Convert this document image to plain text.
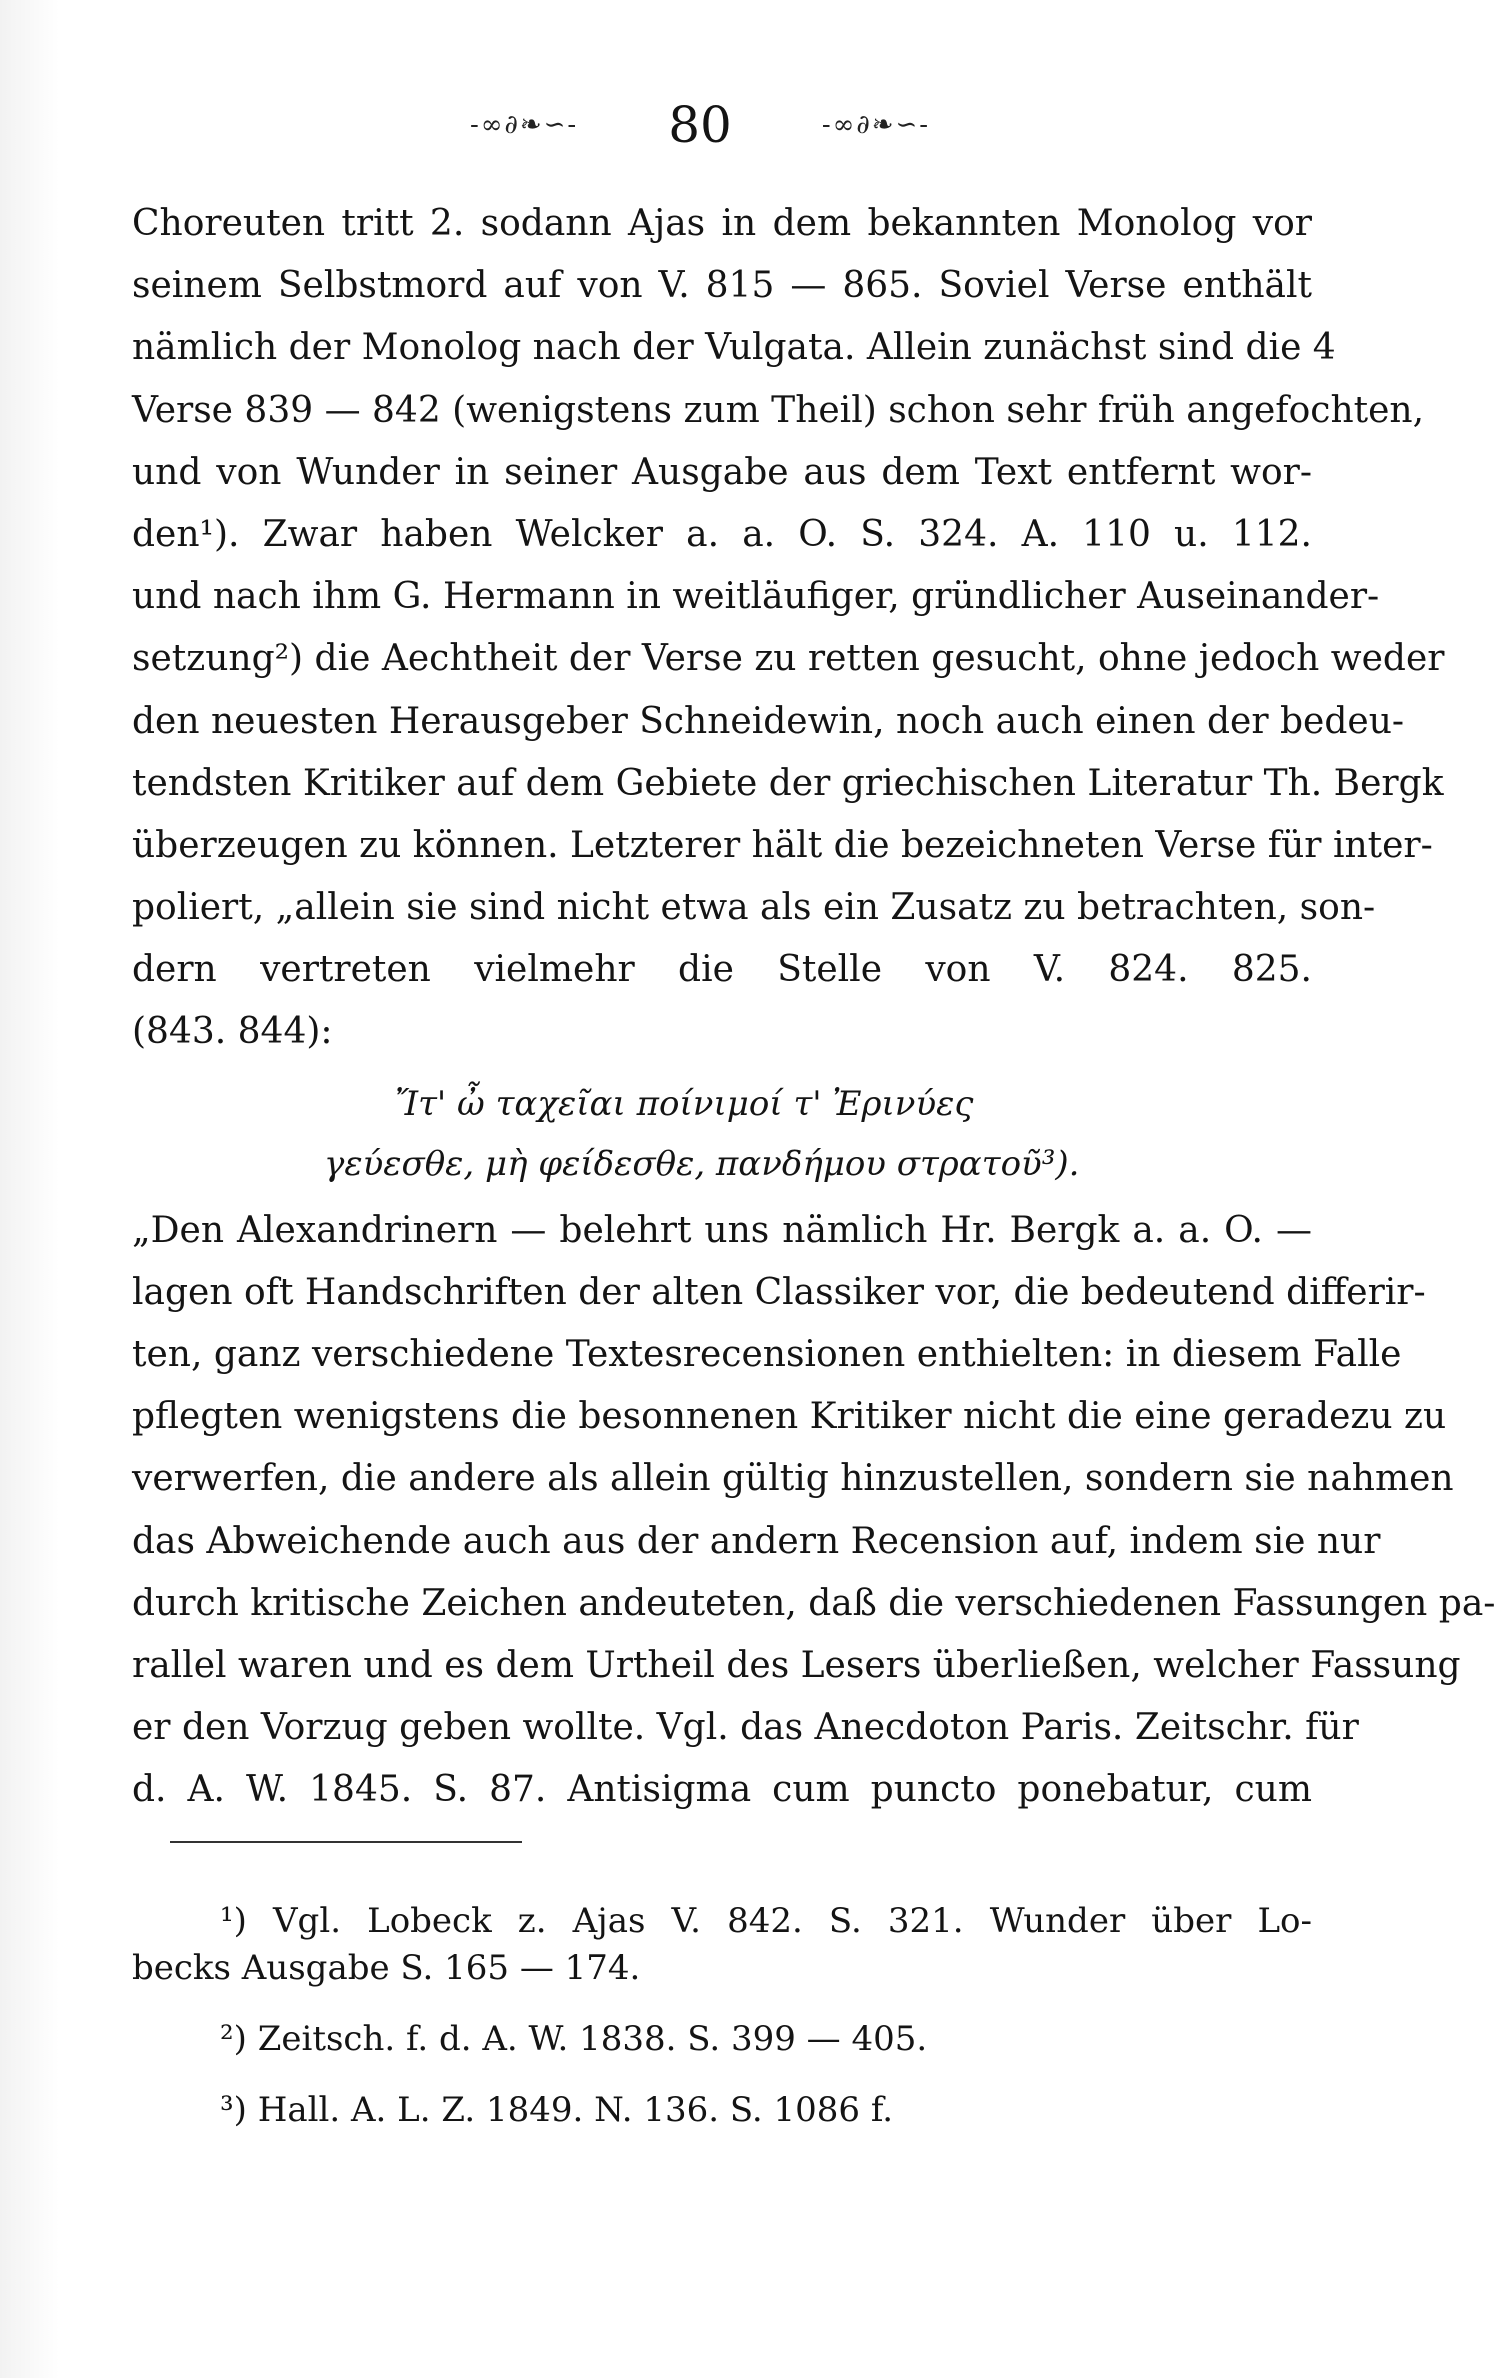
-∞∂❧∽- 80	-∞∂❧∽-
Choreuten tritt 2. sodann Ajas in dem bekannten Monolog vor
seinem Selbstmord auf von V. 815 — 865. Soviel Verse enthält
nämlich der Monolog nach der Vulgata. Allein zunächst sind die 4
Verse 839 — 842 (wenigstens zum Theil) schon sehr früh angefochten,
und von Wunder in seiner Ausgabe aus dem Text entfernt wor-
den¹). Zwar haben Welcker a. a. O. S. 324. A. 110 u. 112.
und nach ihm G. Hermann in weitläufiger, gründlicher Auseinander-
setzung²) die Aechtheit der Verse zu retten gesucht, ohne jedoch weder
den neuesten Herausgeber Schneidewin, noch auch einen der bedeu-
tendsten Kritiker auf dem Gebiete der griechischen Literatur Th. Bergk
überzeugen zu können. Letzterer hält die bezeichneten Verse für inter-
poliert, „allein sie sind nicht etwa als ein Zusatz zu betrachten, son-
dern vertreten vielmehr die Stelle von V. 824. 825.
(843. 844):
Ἴτ' ὦ ταχεῖαι ποίνιμοί τ' Ἐρινύες
γεύεσθε, μὴ φείδεσθε, πανδήμου στρατοῦ³).
„Den Alexandrinern — belehrt uns nämlich Hr. Bergk a. a. O. —
lagen oft Handschriften der alten Classiker vor, die bedeutend differir-
ten, ganz verschiedene Textesrecensionen enthielten: in diesem Falle
pflegten wenigstens die besonnenen Kritiker nicht die eine geradezu zu
verwerfen, die andere als allein gültig hinzustellen, sondern sie nahmen
das Abweichende auch aus der andern Recension auf, indem sie nur
durch kritische Zeichen andeuteten, daß die verschiedenen Fassungen pa-
rallel waren und es dem Urtheil des Lesers überließen, welcher Fassung
er den Vorzug geben wollte. Vgl. das Anecdoton Paris. Zeitschr. für
d. A. W. 1845. S. 87. Antisigma cum puncto ponebatur, cum
¹) Vgl. Lobeck z. Ajas V. 842. S. 321. Wunder über Lo-
becks Ausgabe S. 165 — 174.
²) Zeitsch. f. d. A. W. 1838. S. 399 — 405.
³) Hall. A. L. Z. 1849. N. 136. S. 1086 f.
